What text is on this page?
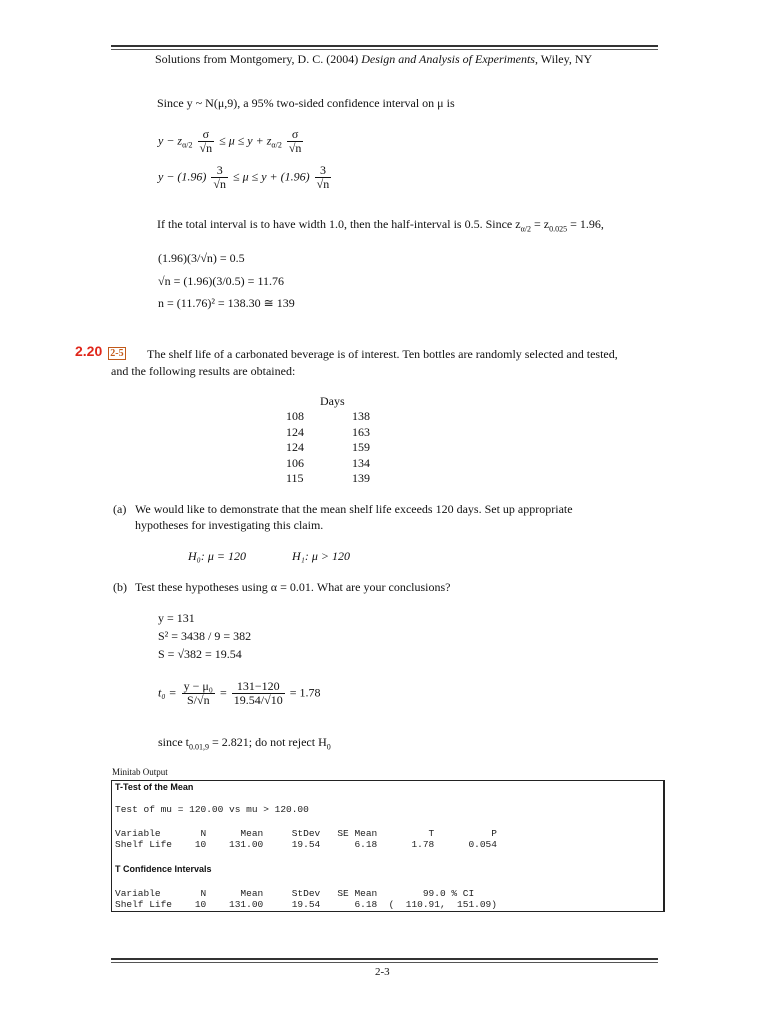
Solutions from Montgomery, D. C. (2004) Design and Analysis of Experiments, Wiley, NY
Since y ~ N(μ,9), a 95% two-sided confidence interval on μ is
$y - z_{\alpha/2} \frac{\sigma}{√n} \le \mu \le y + z_{\alpha/2} \frac{\sigma}{√n}$
$y - (1.96) \frac{3}{√n} \le \mu \le y + (1.96) \frac{3}{√n}$
If the total interval is to have width 1.0, then the half-interval is 0.5. Since $z_{\alpha/2} = z_{0.025} = 1.96$,
(1.96)(3/√n) = 0.5
√n = (1.96)(3/0.5) = 11.76
n = (11.76)² = 138.30 ≅ 139
2.20 2-5 The shelf life of a carbonated beverage is of interest. Ten bottles are randomly selected and tested,
and the following results are obtained:
Days
108	138
124	163
124	159
106	134
115	139
(a) We would like to demonstrate that the mean shelf life exceeds 120 days. Set up appropriate
hypotheses for investigating this claim.
H₀: μ = 120	H₁: μ > 120
(b) Test these hypotheses using α = 0.01. What are your conclusions?
y = 131
S² = 3438 / 9 = 382
S = √382 = 19.54
$t_0 = \frac{\text{y − μ₀}}{S/√n} = \frac{131-120}{19.54/√10} = 1.78$
since $t_{0.01,9} = 2.821$; do not reject $H_0$
Minitab Output
T-Test of the Mean
Test of mu = 120.00 vs mu > 120.00
Variable       N      Mean     StDev   SE Mean         T          P
Shelf Life    10    131.00     19.54      6.18      1.78      0.054
T Confidence Intervals
Variable       N      Mean     StDev   SE Mean        99.0 % CI
Shelf Life    10    131.00     19.54      6.18  (  110.91,  151.09)
2-3
